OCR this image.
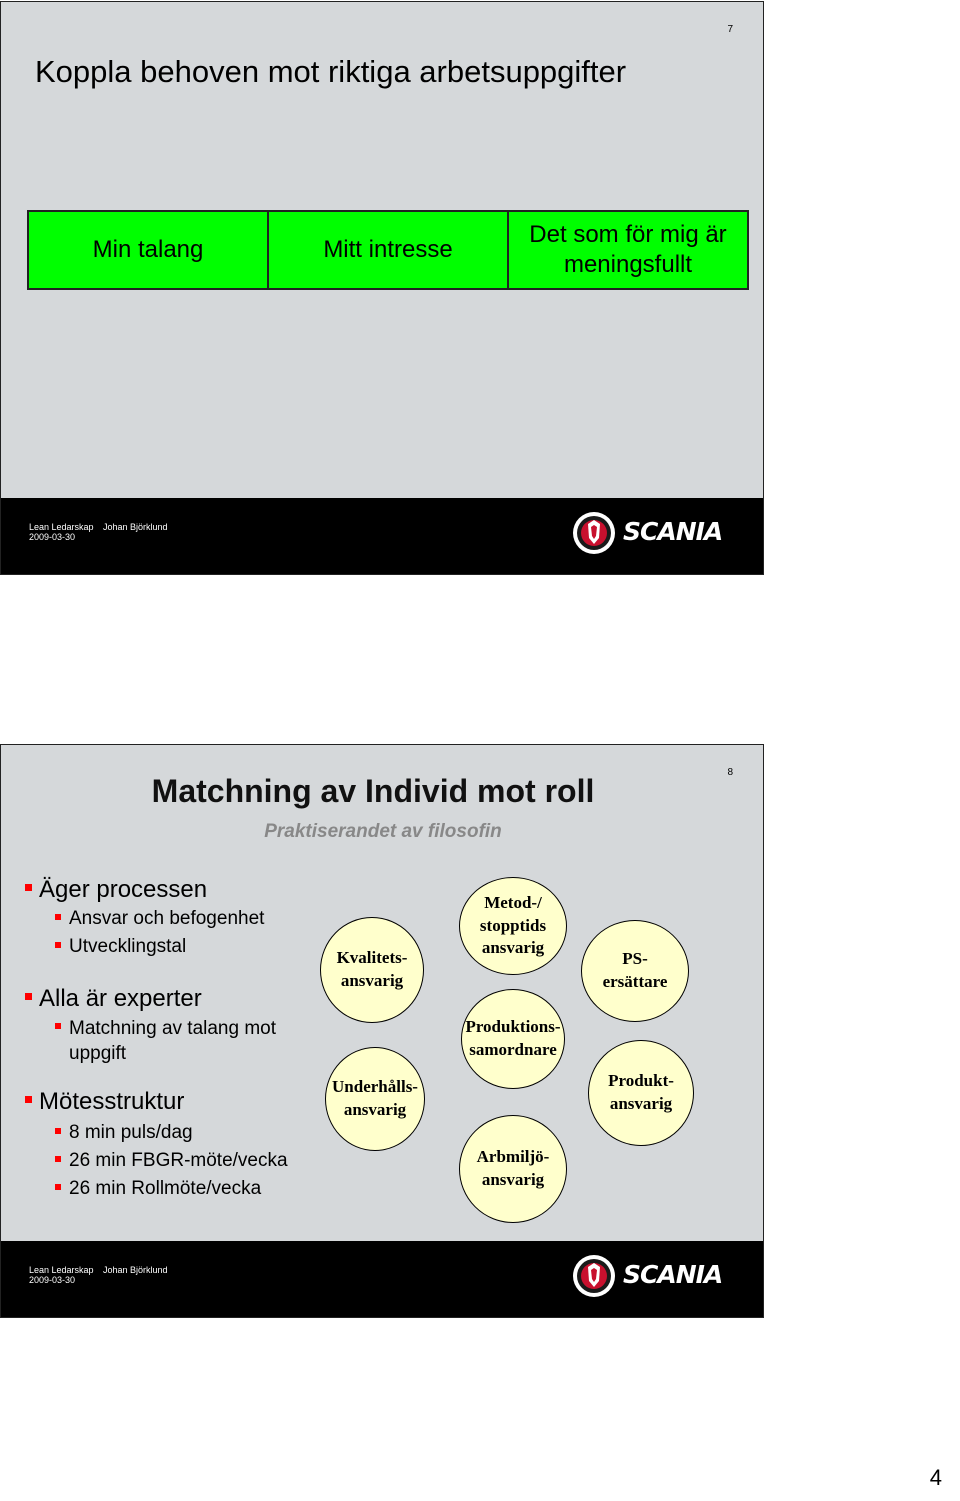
7
Koppla behoven mot riktiga arbetsuppgifter
Min talang	Mitt intresse
Det som för mig är meningsfullt
Lean Ledarskap Johan Björklund
2009-03-30	SCANIA
8
Matchning av Individ mot roll
Praktiserandet av filosofin

Äger processen

Ansvar och befogenhet

Utvecklingstal

Alla är experter

Matchning av talang mot uppgift

Mötesstruktur

8 min puls/dag

26 min FBGR-möte/vecka

26 min Rollmöte/vecka

Kvalitets- ansvarig
Underhålls- ansvarig
Metod-/ stopptids ansvarig
Produktions- samordnare
Arbmiljö- ansvarig
PS- ersättare
Produkt- ansvarig
Lean Ledarskap Johan Björklund
2009-03-30	SCANIA
4
